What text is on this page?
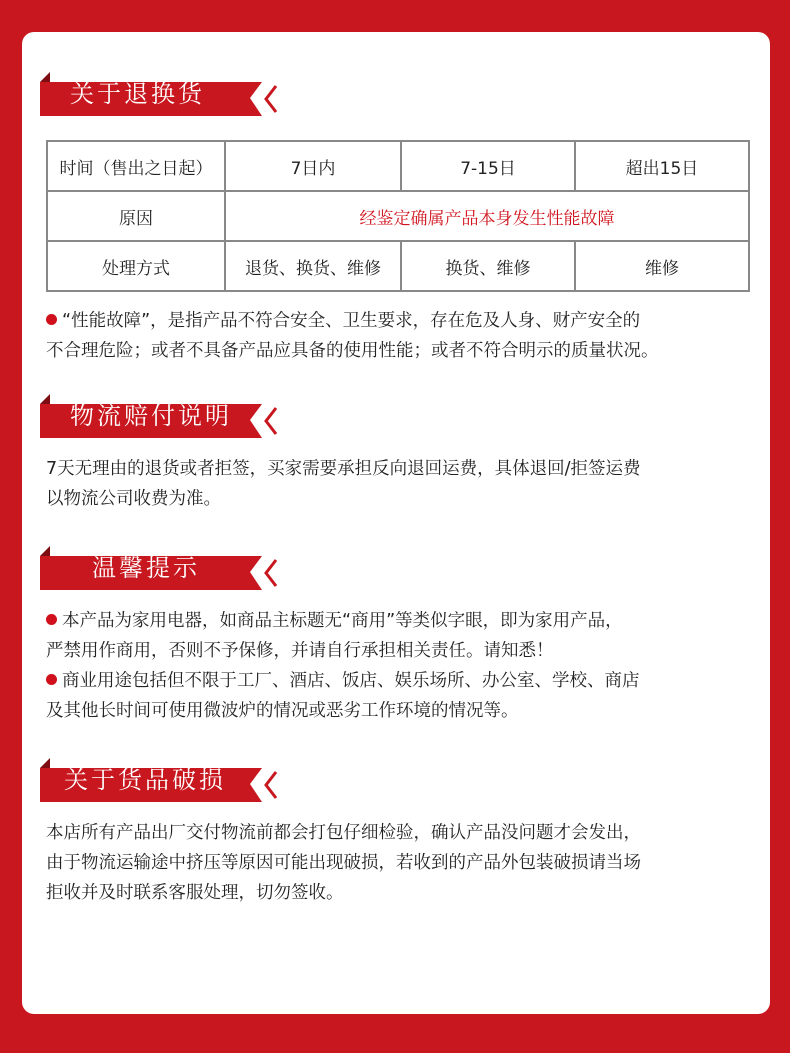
关于退换货
时间（售出之日起）	7日内	7-15日	超出15日
原因	经鉴定确属产品本身发生性能故障		
处理方式	退货、换货、维修	换货、维修	维修
“性能故障”，是指产品不符合安全、卫生要求，存在危及人身、财产安全的
不合理危险；或者不具备产品应具备的使用性能；或者不符合明示的质量状况。
物流赔付说明
7天无理由的退货或者拒签，买家需要承担反向退回运费，具体退回/拒签运费
以物流公司收费为准。
温馨提示
本产品为家用电器，如商品主标题无“商用”等类似字眼，即为家用产品，
严禁用作商用，否则不予保修，并请自行承担相关责任。请知悉！
商业用途包括但不限于工厂、酒店、饭店、娱乐场所、办公室、学校、商店
及其他长时间可使用微波炉的情况或恶劣工作环境的情况等。
关于货品破损
本店所有产品出厂交付物流前都会打包仔细检验，确认产品没问题才会发出，
由于物流运输途中挤压等原因可能出现破损，若收到的产品外包装破损请当场
拒收并及时联系客服处理，切勿签收。
